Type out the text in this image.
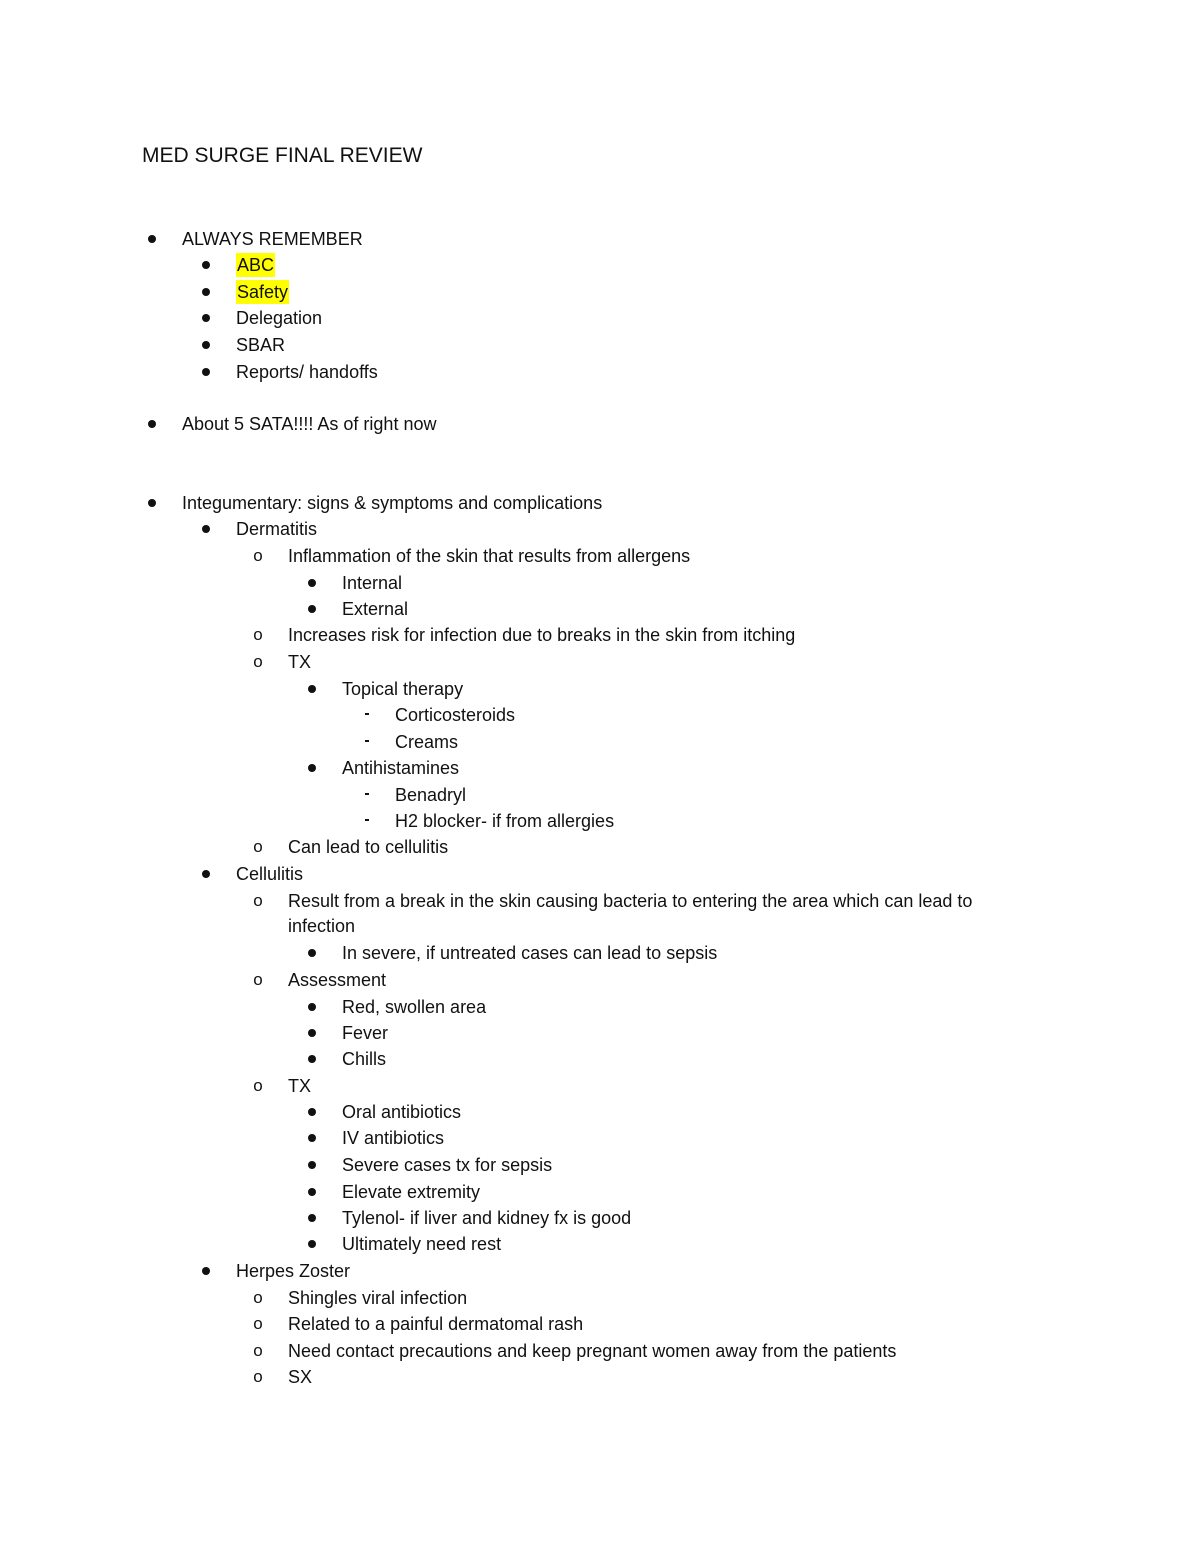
MED SURGE FINAL REVIEW
ALWAYS REMEMBER
ABC
Safety
Delegation
SBAR
Reports/ handoffs
About 5 SATA!!!! As of right now
Integumentary: signs & symptoms and complications
Dermatitis
o Inflammation of the skin that results from allergens
Internal
External
o Increases risk for infection due to breaks in the skin from itching
o TX
Topical therapy
Corticosteroids
Creams
Antihistamines
Benadryl
H2 blocker- if from allergies
o Can lead to cellulitis
Cellulitis
o Result from a break in the skin causing bacteria to entering the area which can lead to
infection
In severe, if untreated cases can lead to sepsis
o Assessment
Red, swollen area
Fever
Chills
o TX
Oral antibiotics
IV antibiotics
Severe cases tx for sepsis
Elevate extremity
Tylenol- if liver and kidney fx is good
Ultimately need rest
Herpes Zoster
o Shingles viral infection
o Related to a painful dermatomal rash
o Need contact precautions and keep pregnant women away from the patients
o SX
